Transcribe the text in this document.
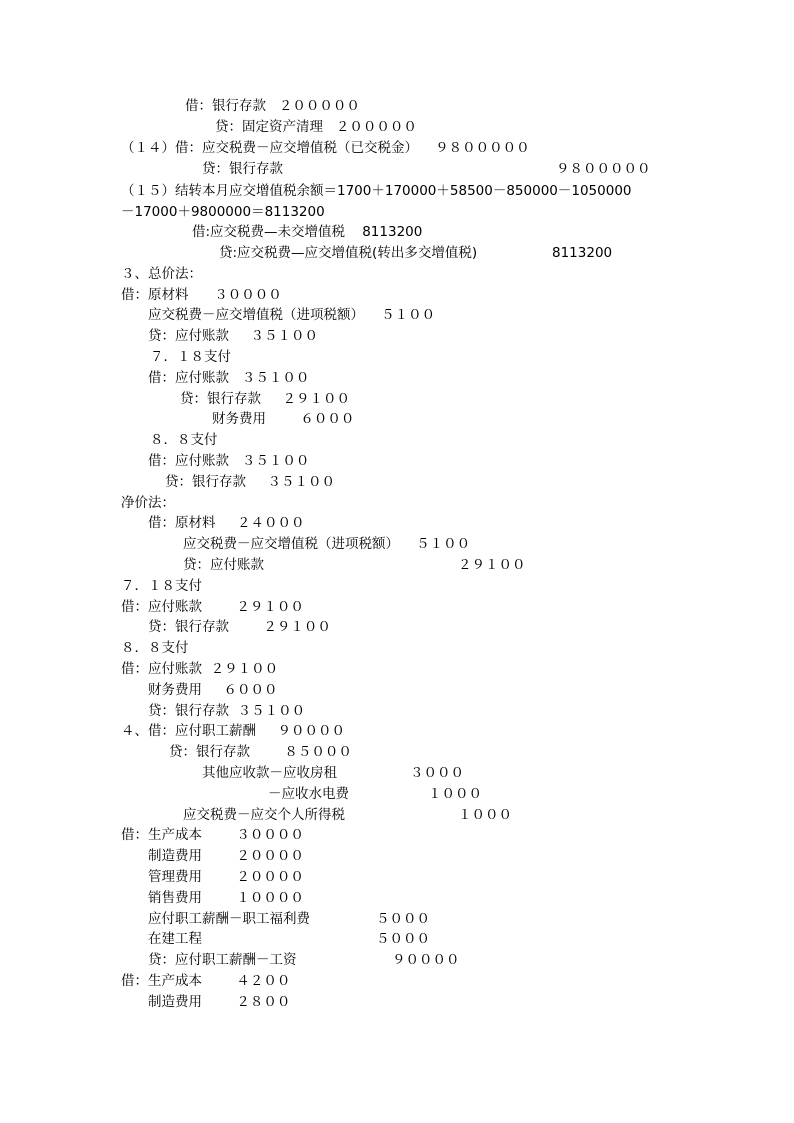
借：银行存款   ２０００００
贷：固定资产清理   ２０００００
（１４）借：应交税费－应交增值税（已交税金）    ９８０００００
贷：银行存款	９８０００００
（１５）结转本月应交增值税余额＝1700＋170000＋58500－850000－1050000
－17000＋9800000＝8113200
借:应交税费—未交增值税    8113200
贷:应交税费—应交增值税(转出多交增值税)	8113200
３、总价法：
借：原材料      ３００００
应交税费－应交增值税（进项税额）    ５１００
贷：应付账款     ３５１００
７．１８支付
借：应付账款   ３５１００
贷：银行存款     ２９１００
财务费用        ６０００
８．８支付
借：应付账款   ３５１００
贷：银行存款     ３５１００
净价法：
借：原材料     ２４０００
应交税费－应交增值税（进项税额）    ５１００
贷：应付账款	２９１００
７．１８支付
借：应付账款        ２９１００
贷：银行存款        ２９１００
８．８支付
借：应付账款  ２９１００
财务费用     ６０００
贷：银行存款  ３５１００
４、借：应付职工薪酬     ９００００
贷：银行存款        ８５０００
其他应收款－应收房租	３０００
－应收水电费	１０００
应交税费－应交个人所得税	１０００
借：生产成本        ３００００
制造费用        ２００００
管理费用        ２００００
销售费用        １００００
应付职工薪酬－职工福利费	５０００
在建工程	５０００
贷：应付职工薪酬－工资	９００００
借：生产成本        ４２００
制造费用        ２８００
